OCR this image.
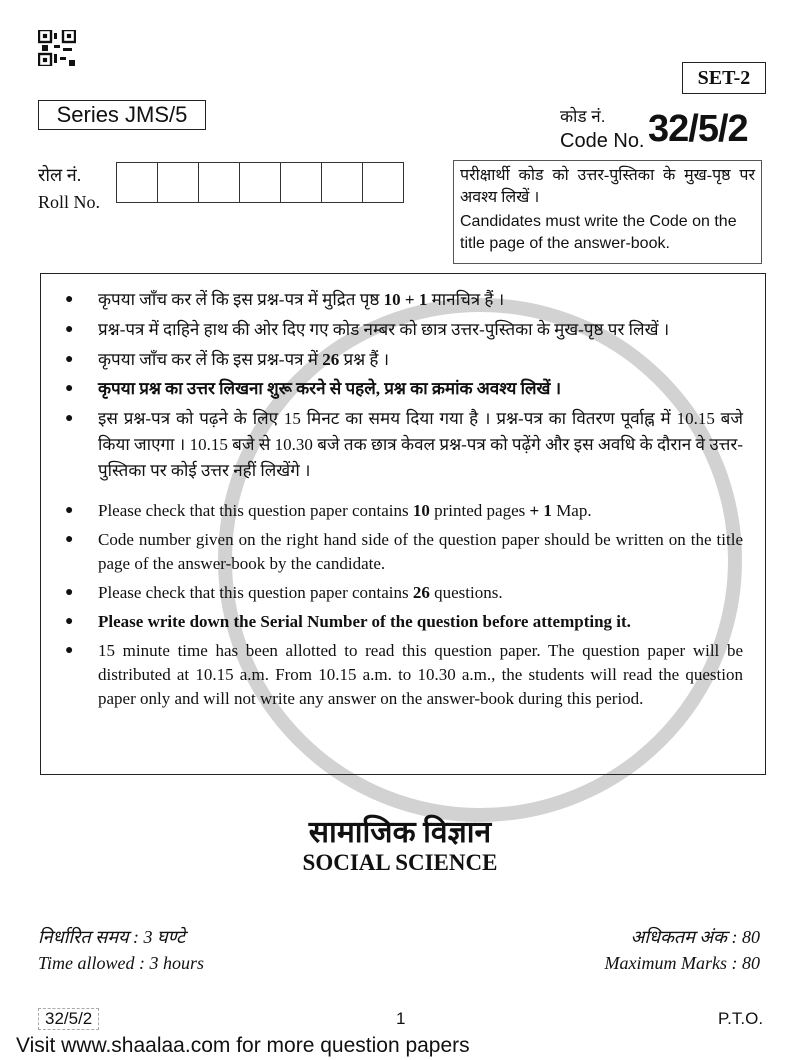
SET-2
Series JMS/5	कोड नं.
Code No. 32/5/2
रोल नं.
Roll No.
परीक्षार्थी कोड को उत्तर-पुस्तिका के मुख-पृष्ठ पर अवश्य लिखें ।
Candidates must write the Code on the title page of the answer-book.
● कृपया जाँच कर लें कि इस प्रश्न-पत्र में मुद्रित पृष्ठ 10 + 1 मानचित्र हैं ।
● प्रश्न-पत्र में दाहिने हाथ की ओर दिए गए कोड नम्बर को छात्र उत्तर-पुस्तिका के मुख-पृष्ठ पर लिखें ।
● कृपया जाँच कर लें कि इस प्रश्न-पत्र में 26 प्रश्न हैं ।
● कृपया प्रश्न का उत्तर लिखना शुरू करने से पहले, प्रश्न का क्रमांक अवश्य लिखें ।
● इस प्रश्न-पत्र को पढ़ने के लिए 15 मिनट का समय दिया गया है । प्रश्न-पत्र का वितरण पूर्वाह्न में 10.15 बजे किया जाएगा । 10.15 बजे से 10.30 बजे तक छात्र केवल प्रश्न-पत्र को पढ़ेंगे और इस अवधि के दौरान वे उत्तर-पुस्तिका पर कोई उत्तर नहीं लिखेंगे ।
● Please check that this question paper contains 10 printed pages + 1 Map.
● Code number given on the right hand side of the question paper should be written on the title page of the answer-book by the candidate.
● Please check that this question paper contains 26 questions.
● Please write down the Serial Number of the question before attempting it.
● 15 minute time has been allotted to read this question paper. The question paper will be distributed at 10.15 a.m. From 10.15 a.m. to 10.30 a.m., the students will read the question paper only and will not write any answer on the answer-book during this period.
सामाजिक विज्ञान
SOCIAL SCIENCE
निर्धारित समय : 3 घण्टे
Time allowed : 3 hours
अधिकतम अंक : 80
Maximum Marks : 80
32/5/2	1	P.T.O.
Visit www.shaalaa.com for more question papers
